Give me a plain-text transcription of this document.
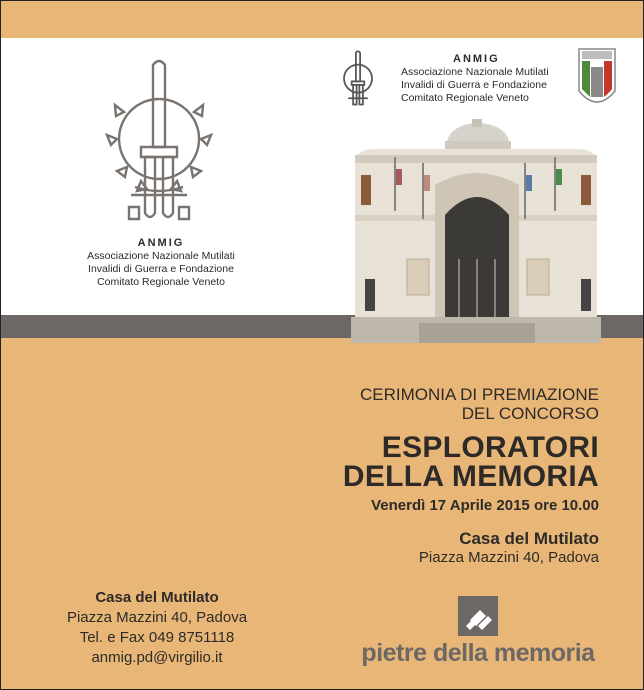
ANMIG
Associazione Nazionale Mutilati
Invalidi di Guerra e Fondazione
Comitato Regionale Veneto
ANMIG
Associazione Nazionale Mutilati
Invalidi di Guerra e Fondazione
Comitato Regionale Veneto
CERIMONIA DI PREMIAZIONE
DEL CONCORSO
ESPLORATORI
DELLA MEMORIA
Venerdì 17 Aprile 2015 ore 10.00
Casa del Mutilato
Piazza Mazzini 40, Padova
Casa del Mutilato
Piazza Mazzini 40, Padova
Tel. e Fax 049 8751118
anmig.pd@virgilio.it	pietre della memoria
